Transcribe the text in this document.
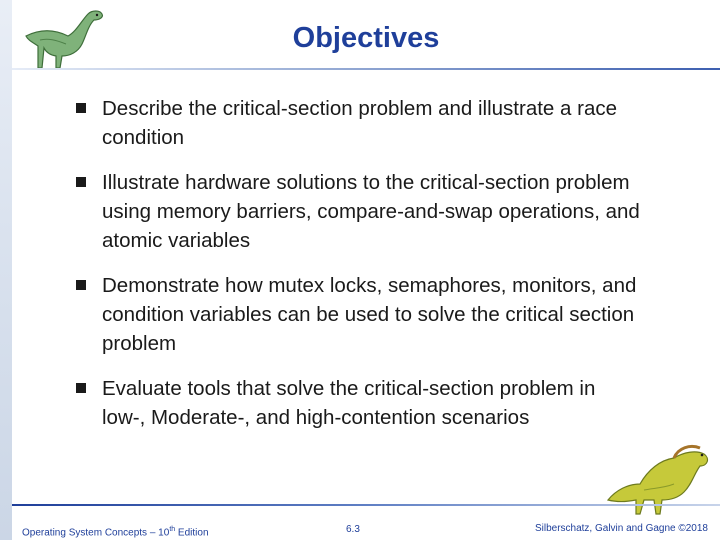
Objectives
Describe the critical-section problem and illustrate a race condition
Illustrate hardware solutions to the critical-section problem using memory barriers, compare-and-swap operations, and atomic variables
Demonstrate how mutex locks, semaphores, monitors, and condition variables can be used to solve the critical section problem
Evaluate tools that solve the critical-section problem in low-, Moderate-, and high-contention scenarios
Operating System Concepts – 10th Edition	6.3	Silberschatz, Galvin and Gagne ©2018
